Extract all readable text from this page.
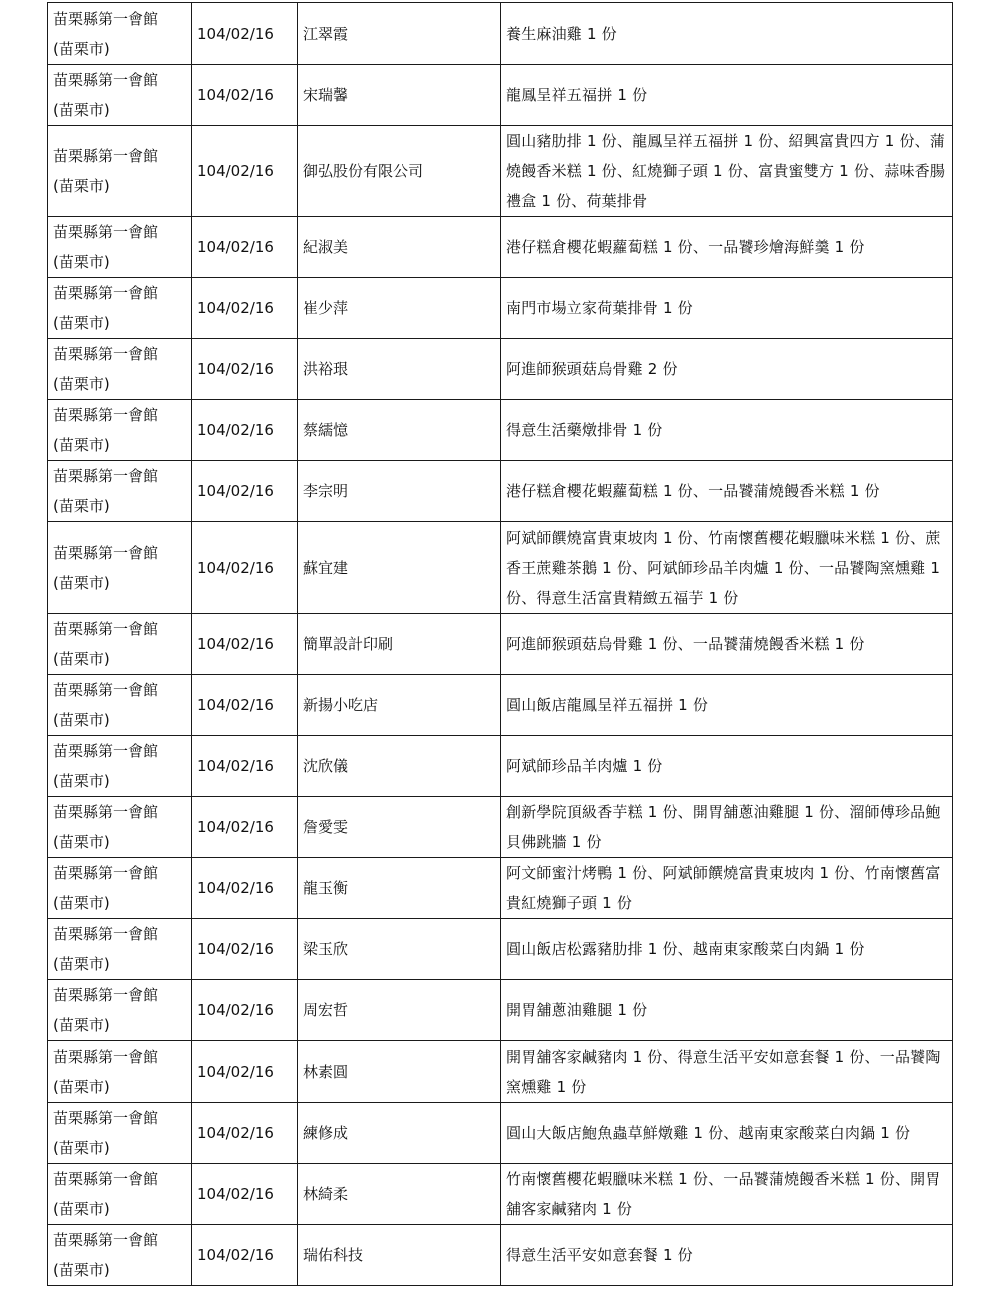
苗栗縣第一會館
(苗栗市)	104/02/16	江翠霞	養生麻油雞 1 份

苗栗縣第一會館
(苗栗市)	104/02/16	宋瑞馨	龍鳳呈祥五福拼 1 份

苗栗縣第一會館
(苗栗市)	104/02/16	御弘股份有限公司	圓山豬肋排 1 份、龍鳳呈祥五福拼 1 份、紹興富貴四方 1 份、蒲燒饅香米糕 1 份、紅燒獅子頭 1 份、富貴蜜雙方 1 份、蒜味香腸禮盒 1 份、荷葉排骨

苗栗縣第一會館
(苗栗市)	104/02/16	紀淑美	港仔糕倉櫻花蝦蘿蔔糕 1 份、一品饕珍燴海鮮羹 1 份

苗栗縣第一會館
(苗栗市)	104/02/16	崔少萍	南門市場立家荷葉排骨 1 份

苗栗縣第一會館
(苗栗市)	104/02/16	洪裕珢	阿進師猴頭菇烏骨雞 2 份

苗栗縣第一會館
(苗栗市)	104/02/16	蔡繻憶	得意生活藥燉排骨 1 份

苗栗縣第一會館
(苗栗市)	104/02/16	李宗明	港仔糕倉櫻花蝦蘿蔔糕 1 份、一品饕蒲燒饅香米糕 1 份

苗栗縣第一會館
(苗栗市)	104/02/16	蘇宜建	阿斌師饌燒富貴東坡肉 1 份、竹南懷舊櫻花蝦臘味米糕 1 份、蔗香王蔗雞茶鵝 1 份、阿斌師珍品羊肉爐 1 份、一品饕陶窯燻雞 1 份、得意生活富貴精緻五福芋 1 份

苗栗縣第一會館
(苗栗市)	104/02/16	簡單設計印刷	阿進師猴頭菇烏骨雞 1 份、一品饕蒲燒饅香米糕 1 份

苗栗縣第一會館
(苗栗市)	104/02/16	新揚小吃店	圓山飯店龍鳳呈祥五福拼 1 份

苗栗縣第一會館
(苗栗市)	104/02/16	沈欣儀	阿斌師珍品羊肉爐 1 份

苗栗縣第一會館
(苗栗市)	104/02/16	詹愛雯	創新學院頂級香芋糕 1 份、開胃舖蔥油雞腿 1 份、溜師傅珍品鮑貝佛跳牆 1 份

苗栗縣第一會館
(苗栗市)	104/02/16	龍玉衡	阿文師蜜汁烤鴨 1 份、阿斌師饌燒富貴東坡肉 1 份、竹南懷舊富貴紅燒獅子頭 1 份

苗栗縣第一會館
(苗栗市)	104/02/16	梁玉欣	圓山飯店松露豬肋排 1 份、越南東家酸菜白肉鍋 1 份

苗栗縣第一會館
(苗栗市)	104/02/16	周宏哲	開胃舖蔥油雞腿 1 份

苗栗縣第一會館
(苗栗市)	104/02/16	林素圓	開胃舖客家鹹豬肉 1 份、得意生活平安如意套餐 1 份、一品饕陶窯燻雞 1 份

苗栗縣第一會館
(苗栗市)	104/02/16	練修成	圓山大飯店鮑魚蟲草鮮燉雞 1 份、越南東家酸菜白肉鍋 1 份

苗栗縣第一會館
(苗栗市)	104/02/16	林綺柔	竹南懷舊櫻花蝦臘味米糕 1 份、一品饕蒲燒饅香米糕 1 份、開胃舖客家鹹豬肉 1 份

苗栗縣第一會館
(苗栗市)	104/02/16	瑞佑科技	得意生活平安如意套餐 1 份
